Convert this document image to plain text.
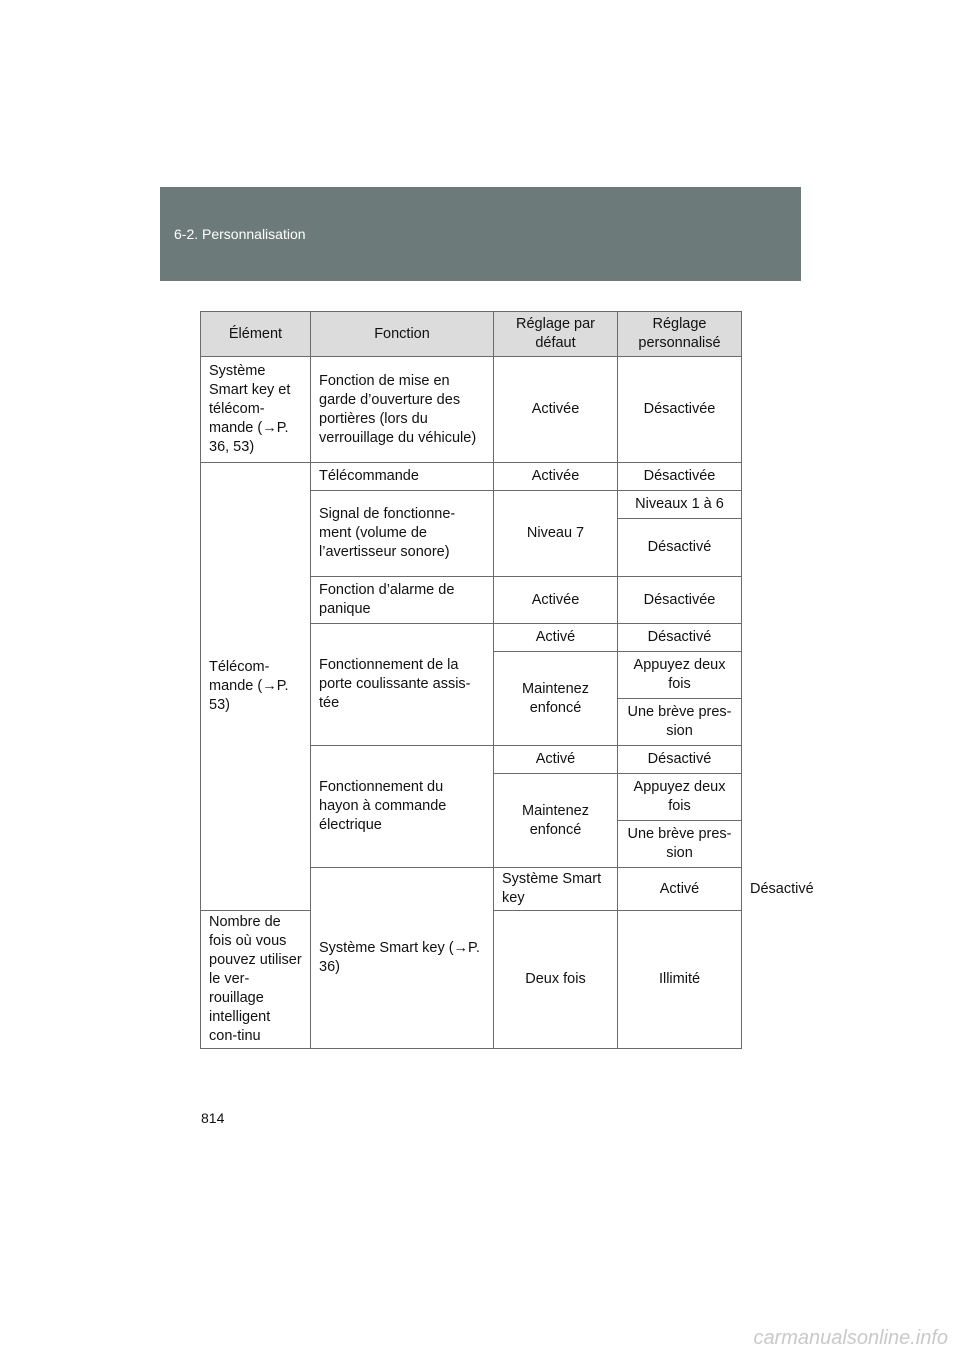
6-2. Personnalisation
Élément	Fonction	Réglage par défaut	Réglage personnalisé	
Système Smart key et télécom-mande (→P. 36, 53)	Fonction de mise en garde d’ouverture des portières (lors du verrouillage du véhicule)	Activée	Désactivée	
Télécom-mande (→P. 53)	Télécommande	Activée	Désactivée	
	Signal de fonctionne-ment (volume de l’avertisseur sonore)	Niveau 7	Niveaux 1 à 6	
			Désactivé	
	Fonction d’alarme de panique	Activée	Désactivée	
	Fonctionnement de la porte coulissante assis-tée	Activé	Désactivé	
		Maintenez enfoncé	Appuyez deux fois	
			Une brève pres-sion	
	Fonctionnement du hayon à commande électrique	Activé	Désactivé	
		Maintenez enfoncé	Appuyez deux fois	
			Une brève pres-sion	
	Système Smart key (→P. 36)	Système Smart key	Activé	Désactivé
Nombre de fois où vous pouvez utiliser le ver-rouillage intelligent con-tinu		Deux fois	Illimité	
814
carmanualsonline.info
